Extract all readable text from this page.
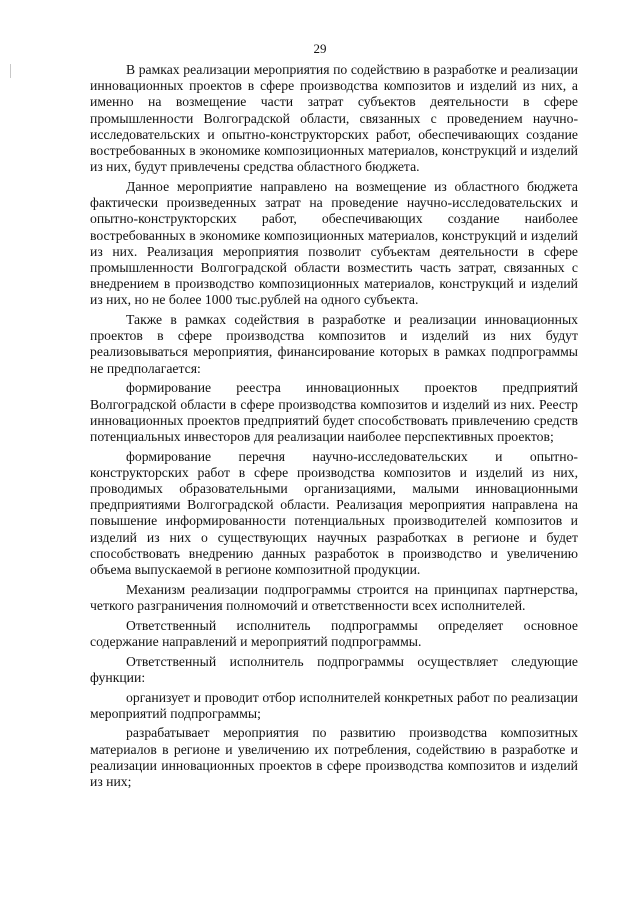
29

В рамках реализации мероприятия по содействию в разработке и реализации инновационных проектов в сфере производства композитов и изделий из них, а именно на возмещение части затрат субъектов деятельности в сфере промышленности Волгоградской области, связанных с проведением научно-исследовательских и опытно-конструкторских работ, обеспечивающих создание востребованных в экономике композиционных материалов, конструкций и изделий из них, будут привлечены средства областного бюджета.

Данное мероприятие направлено на возмещение из областного бюджета фактически произведенных затрат на проведение научно-исследовательских и опытно-конструкторских работ, обеспечивающих создание наиболее востребованных в экономике композиционных материалов, конструкций и изделий из них. Реализация мероприятия позволит субъектам деятельности в сфере промышленности Волгоградской области возместить часть затрат, связанных с внедрением в производство композиционных материалов, конструкций и изделий из них, но не более 1000 тыс.рублей на одного субъекта.

Также в рамках содействия в разработке и реализации инновационных проектов в сфере производства композитов и изделий из них будут реализовываться мероприятия, финансирование которых в рамках подпрограммы не предполагается:

формирование реестра инновационных проектов предприятий Волгоградской области в сфере производства композитов и изделий из них. Реестр инновационных проектов предприятий будет способствовать привлечению средств потенциальных инвесторов для реализации наиболее перспективных проектов;

формирование перечня научно-исследовательских и опытно-конструкторских работ в сфере производства композитов и изделий из них, проводимых образовательными организациями, малыми инновационными предприятиями Волгоградской области. Реализация мероприятия направлена на повышение информированности потенциальных производителей композитов и изделий из них о существующих научных разработках в регионе и будет способствовать внедрению данных разработок в производство и увеличению объема выпускаемой в регионе композитной продукции.

Механизм реализации подпрограммы строится на принципах партнерства, четкого разграничения полномочий и ответственности всех исполнителей.

Ответственный исполнитель подпрограммы определяет основное содержание направлений и мероприятий подпрограммы.

Ответственный исполнитель подпрограммы осуществляет следующие функции:

организует и проводит отбор исполнителей конкретных работ по реализации мероприятий подпрограммы;

разрабатывает мероприятия по развитию производства композитных материалов в регионе и увеличению их потребления, содействию в разработке и реализации инновационных проектов в сфере производства композитов и изделий из них;
